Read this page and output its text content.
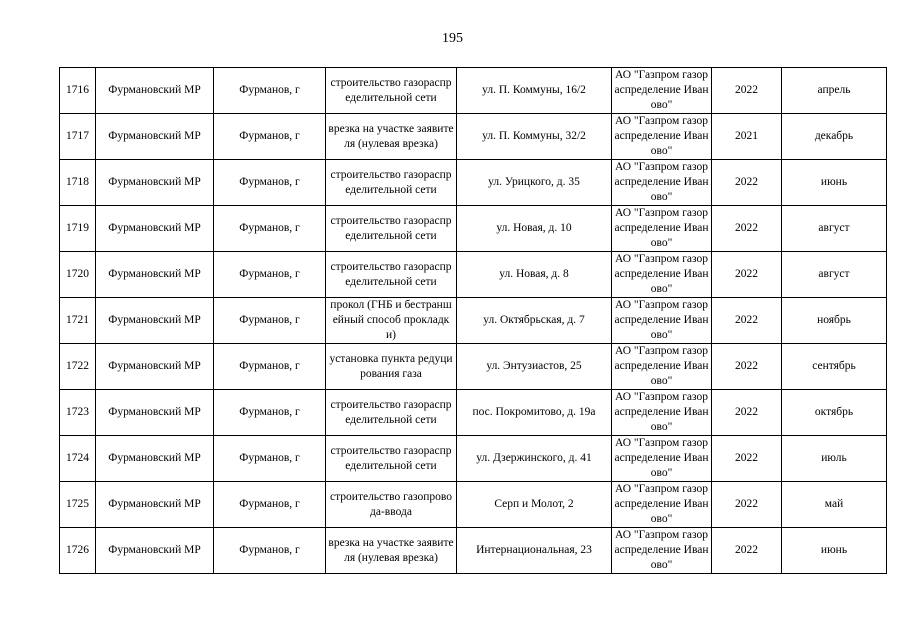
195
1716	Фурмановский МР	Фурманов, г	строительство газораспределительной сети	ул. П. Коммуны, 16/2	АО "Газпром газораспределение Иваново"	2022	апрель
1717	Фурмановский МР	Фурманов, г	врезка на участке заявителя (нулевая врезка)	ул. П. Коммуны, 32/2	АО "Газпром газораспределение Иваново"	2021	декабрь
1718	Фурмановский МР	Фурманов, г	строительство газораспределительной сети	ул. Урицкого, д. 35	АО "Газпром газораспределение Иваново"	2022	июнь
1719	Фурмановский МР	Фурманов, г	строительство газораспределительной сети	ул. Новая, д. 10	АО "Газпром газораспределение Иваново"	2022	август
1720	Фурмановский МР	Фурманов, г	строительство газораспределительной сети	ул. Новая, д. 8	АО "Газпром газораспределение Иваново"	2022	август
1721	Фурмановский МР	Фурманов, г	прокол (ГНБ и бестраншейный способ прокладки)	ул. Октябрьская, д. 7	АО "Газпром газораспределение Иваново"	2022	ноябрь
1722	Фурмановский МР	Фурманов, г	установка пункта редуцирования газа	ул. Энтузиастов, 25	АО "Газпром газораспределение Иваново"	2022	сентябрь
1723	Фурмановский МР	Фурманов, г	строительство газораспределительной сети	пос. Покромитово, д. 19а	АО "Газпром газораспределение Иваново"	2022	октябрь
1724	Фурмановский МР	Фурманов, г	строительство газораспределительной сети	ул. Дзержинского, д. 41	АО "Газпром газораспределение Иваново"	2022	июль
1725	Фурмановский МР	Фурманов, г	строительство газопровода-ввода	Серп и Молот, 2	АО "Газпром газораспределение Иваново"	2022	май
1726	Фурмановский МР	Фурманов, г	врезка на участке заявителя (нулевая врезка)	Интернациональная, 23	АО "Газпром газораспределение Иваново"	2022	июнь
